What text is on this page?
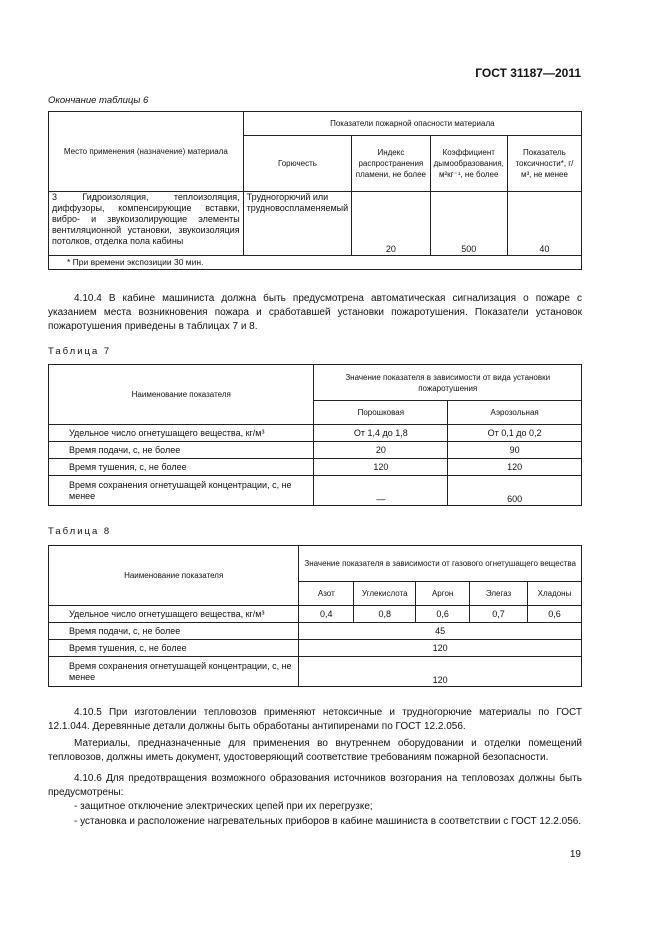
ГОСТ 31187—2011
Окончание таблицы 6
Место применения (назначение) материала	Показатели пожарной опасности материала			
	Горючесть	Индекс распространения пламени, не более	Коэффициент дымообразования, м²кг⁻¹, не более	Показатель токсичности*, г/м³, не менее
3 Гидроизоляция, теплоизоляция, диффузоры, компенсирующие вставки, вибро- и звукоизолирующие элементы вентиляционной установки, звукоизоляция потолков, отделка пола кабины	Трудногорючий или трудновоспламеняемый	20	500	40
* При времени экспозиции 30 мин.				
4.10.4 В кабине машиниста должна быть предусмотрена автоматическая сигнализация о пожаре с указанием места возникновения пожара и сработавшей установки пожаротушения. Показатели установок пожаротушения приведены в таблицах 7 и 8.
Таблица 7
Наименование показателя	Значение показателя в зависимости от вида установки пожаротушения	
	Порошковая	Аэрозольная
Удельное число огнетушащего вещества, кг/м³	От 1,4 до 1,8	От 0,1 до 0,2
Время подачи, с, не более	20	90
Время тушения, с, не более	120	120
Время сохранения огнетушащей концентрации, с, не менее	—	600
Таблица 8
Наименование показателя	Значение показателя в зависимости от газового огнетушащего вещества				
	Азот	Углекислота	Аргон	Элегаз	Хладоны
Удельное число огнетушащего вещества, кг/м³	0,4	0,8	0,6	0,7	0,6
Время подачи, с, не более	45				
Время тушения, с, не более	120				
Время сохранения огнетушащей концентрации, с, не менее	120				
4.10.5 При изготовлении тепловозов применяют нетоксичные и трудногорючие материалы по ГОСТ 12.1.044. Деревянные детали должны быть обработаны антипиренами по ГОСТ 12.2.056.
Материалы, предназначенные для применения во внутреннем оборудовании и отделки помещений тепловозов, должны иметь документ, удостоверяющий соответствие требованиям пожарной безопасности.
4.10.6 Для предотвращения возможного образования источников возгорания на тепловозах должны быть предусмотрены:
- защитное отключение электрических цепей при их перегрузке;
- установка и расположение нагревательных приборов в кабине машиниста в соответствии с ГОСТ 12.2.056.
19
